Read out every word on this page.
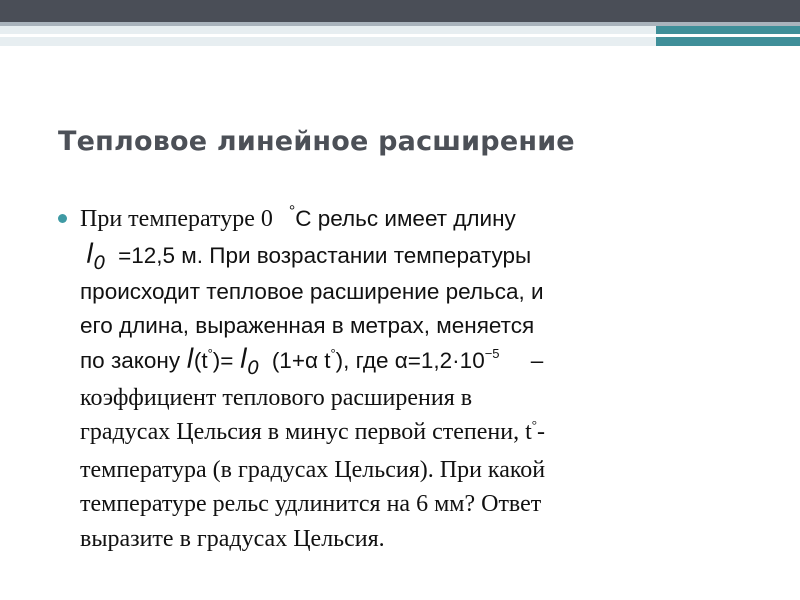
Тепловое линейное расширение
При температуре 0 °С рельс имеет длину
$l_0 =12,5$ м. При возрастании температуры
происходит тепловое расширение рельса, и
его длина, выраженная в метрах, меняется
по закону $l(t^\circ)= l_0$ (1+α t°), где $\alpha=1,2\cdot 10^{-5}$ –
коэффициент теплового расширения в
градусах Цельсия в минус первой степени, t°-
температура (в градусах Цельсия). При какой
температуре рельс удлинится на 6 мм? Ответ
выразите в градусах Цельсия.
